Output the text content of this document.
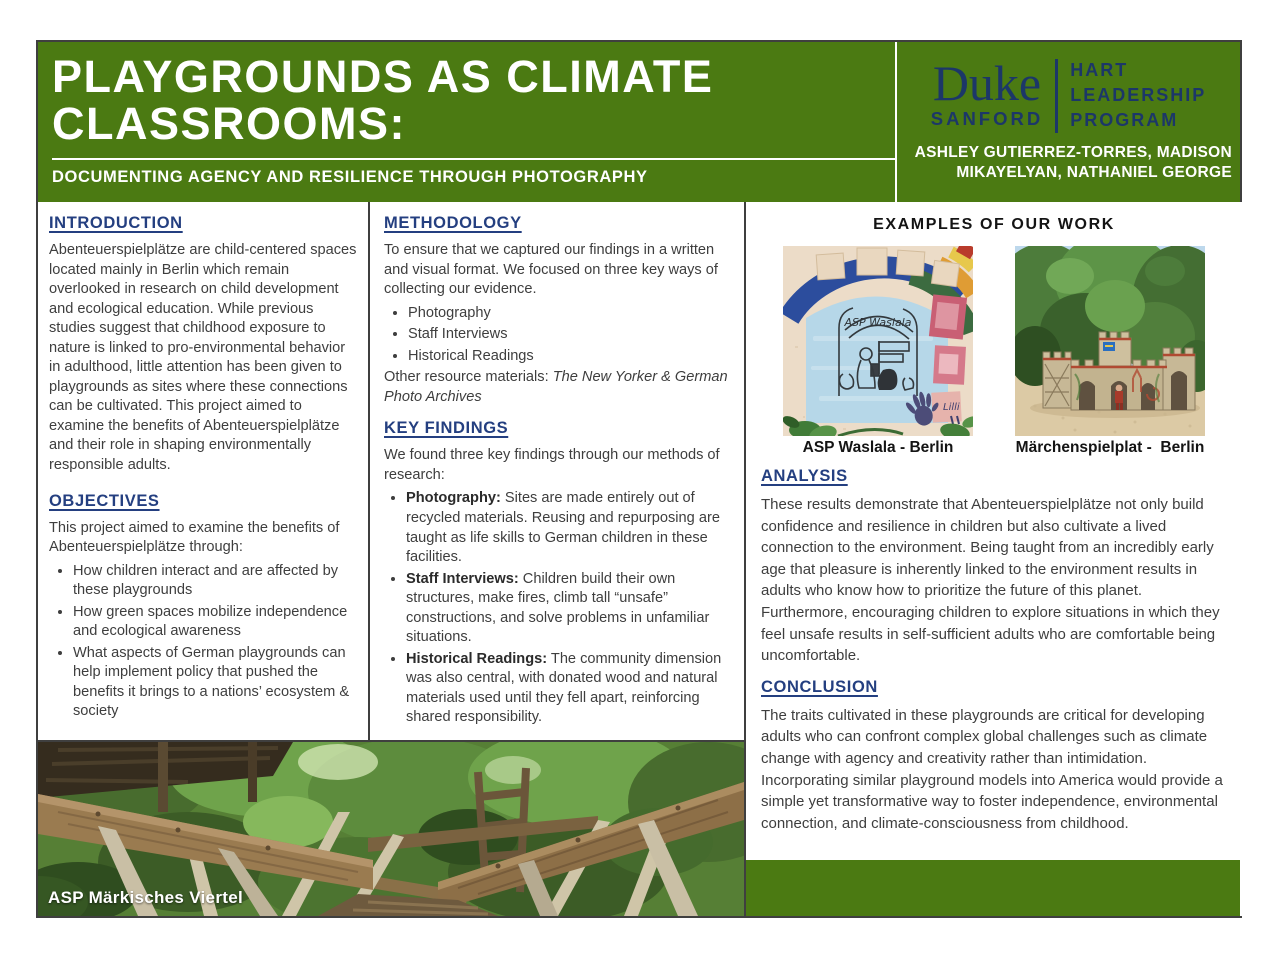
PLAYGROUNDS AS CLIMATE
CLASSROOMS:
DOCUMENTING AGENCY AND RESILIENCE THROUGH PHOTOGRAPHY
Duke
SANFORD
HART
LEADERSHIP
PROGRAM
ASHLEY GUTIERREZ-TORRES, MADISON
MIKAYELYAN, NATHANIEL GEORGE
INTRODUCTION

Abenteuerspielplätze are child-centered spaces located mainly in Berlin which remain overlooked in research on child development and ecological education. While previous studies suggest that childhood exposure to nature is linked to pro-environmental behavior in adulthood, little attention has been given to playgrounds as sites where these connections can be cultivated. This project aimed to examine the benefits of Abenteuerspielplätze and their role in shaping environmentally responsible adults.

OBJECTIVES

This project aimed to examine the benefits of Abenteuerspielplätze through:

• How children interact and are affected by these playgrounds
• How green spaces mobilize independence and ecological awareness
• What aspects of German playgrounds can help implement policy that pushed the benefits it brings to a nations’ ecosystem & society
METHODOLOGY

To ensure that we captured our findings in a written and visual format. We focused on three key ways of collecting our evidence.

• Photography
• Staff Interviews
• Historical Readings

Other resource materials: The New Yorker & German Photo Archives

KEY FINDINGS

We found three key findings through our methods of research:

• Photography: Sites are made entirely out of recycled materials. Reusing and repurposing are taught as life skills to German children in these facilities.
• Staff Interviews: Children build their own structures, make fires, climb tall “unsafe” constructions, and solve problems in unfamiliar situations.
• Historical Readings: The community dimension was also central, with donated wood and natural materials used until they fell apart, reinforcing shared responsibility.
EXAMPLES OF OUR WORK
ASP Waslala
Lilli
ASP Waslala - Berlin	Märchenspielplat -  Berlin
ANALYSIS

These results demonstrate that Abenteuerspielplätze not only build confidence and resilience in children but also cultivate a lived connection to the environment. Being taught from an incredibly early age that pleasure is inherently linked to the environment results in adults who know how to prioritize the future of this planet. Furthermore, encouraging children to explore situations in which they feel unsafe results in self-sufficient adults who are comfortable being uncomfortable.

CONCLUSION

The traits cultivated in these playgrounds are critical for developing adults who can confront complex global challenges such as climate change with agency and creativity rather than intimidation. Incorporating similar playground models into America would provide a simple yet transformative way to foster independence, environmental connection, and climate-consciousness from childhood.

ASP Märkisches Viertel
